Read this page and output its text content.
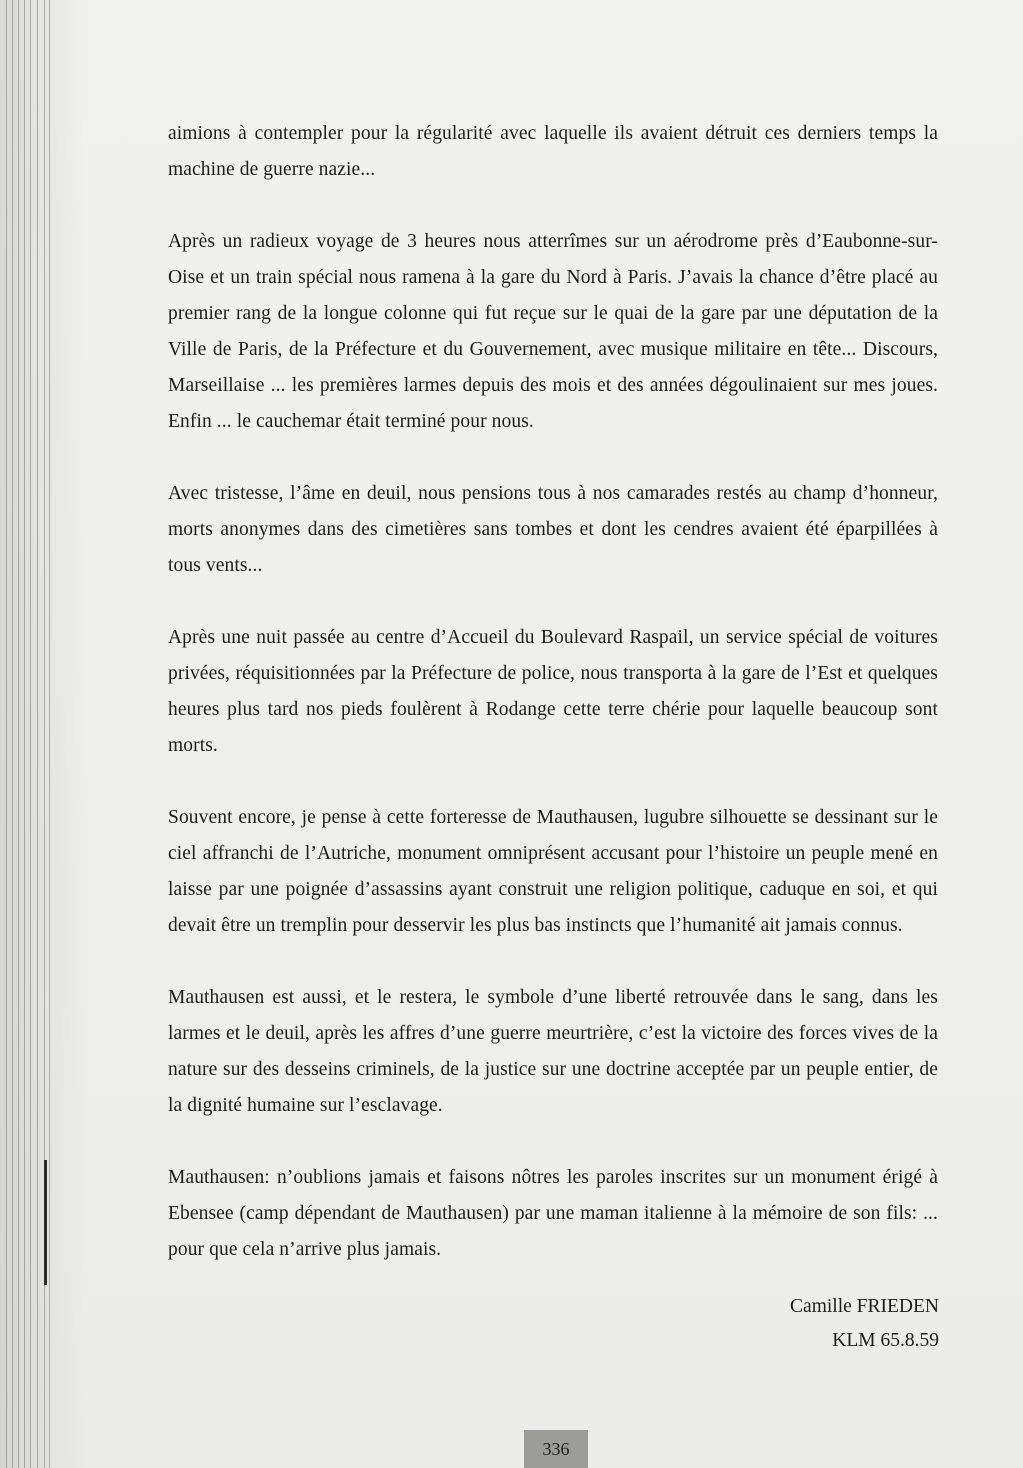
aimions à contempler pour la régularité avec laquelle ils avaient détruit ces derniers temps la machine de guerre nazie...

Après un radieux voyage de 3 heures nous atterrîmes sur un aérodrome près d’Eaubonne-sur-Oise et un train spécial nous ramena à la gare du Nord à Paris. J’avais la chance d’être placé au premier rang de la longue colonne qui fut reçue sur le quai de la gare par une députation de la Ville de Paris, de la Préfecture et du Gouvernement, avec musique militaire en tête... Discours, Marseillaise ... les premières larmes depuis des mois et des années dégoulinaient sur mes joues. Enfin ... le cauchemar était terminé pour nous.

Avec tristesse, l’âme en deuil, nous pensions tous à nos camarades restés au champ d’honneur, morts anonymes dans des cimetières sans tombes et dont les cendres avaient été éparpillées à tous vents...

Après une nuit passée au centre d’Accueil du Boulevard Raspail, un service spécial de voitures privées, réquisitionnées par la Préfecture de police, nous transporta à la gare de l’Est et quelques heures plus tard nos pieds foulèrent à Rodange cette terre chérie pour laquelle beaucoup sont morts.

Souvent encore, je pense à cette forteresse de Mauthausen, lugubre silhouette se dessinant sur le ciel affranchi de l’Autriche, monument omniprésent accusant pour l’histoire un peuple mené en laisse par une poignée d’assassins ayant construit une religion politique, caduque en soi, et qui devait être un tremplin pour desservir les plus bas instincts que l’humanité ait jamais connus.

Mauthausen est aussi, et le restera, le symbole d’une liberté retrouvée dans le sang, dans les larmes et le deuil, après les affres d’une guerre meurtrière, c’est la victoire des forces vives de la nature sur des desseins criminels, de la justice sur une doctrine acceptée par un peuple entier, de la dignité humaine sur l’esclavage.

Mauthausen: n’oublions jamais et faisons nôtres les paroles inscrites sur un monument érigé à Ebensee (camp dépendant de Mauthausen) par une maman italienne à la mémoire de son fils: ... pour que cela n’arrive plus jamais.

Camille FRIEDEN
KLM 65.8.59
336
